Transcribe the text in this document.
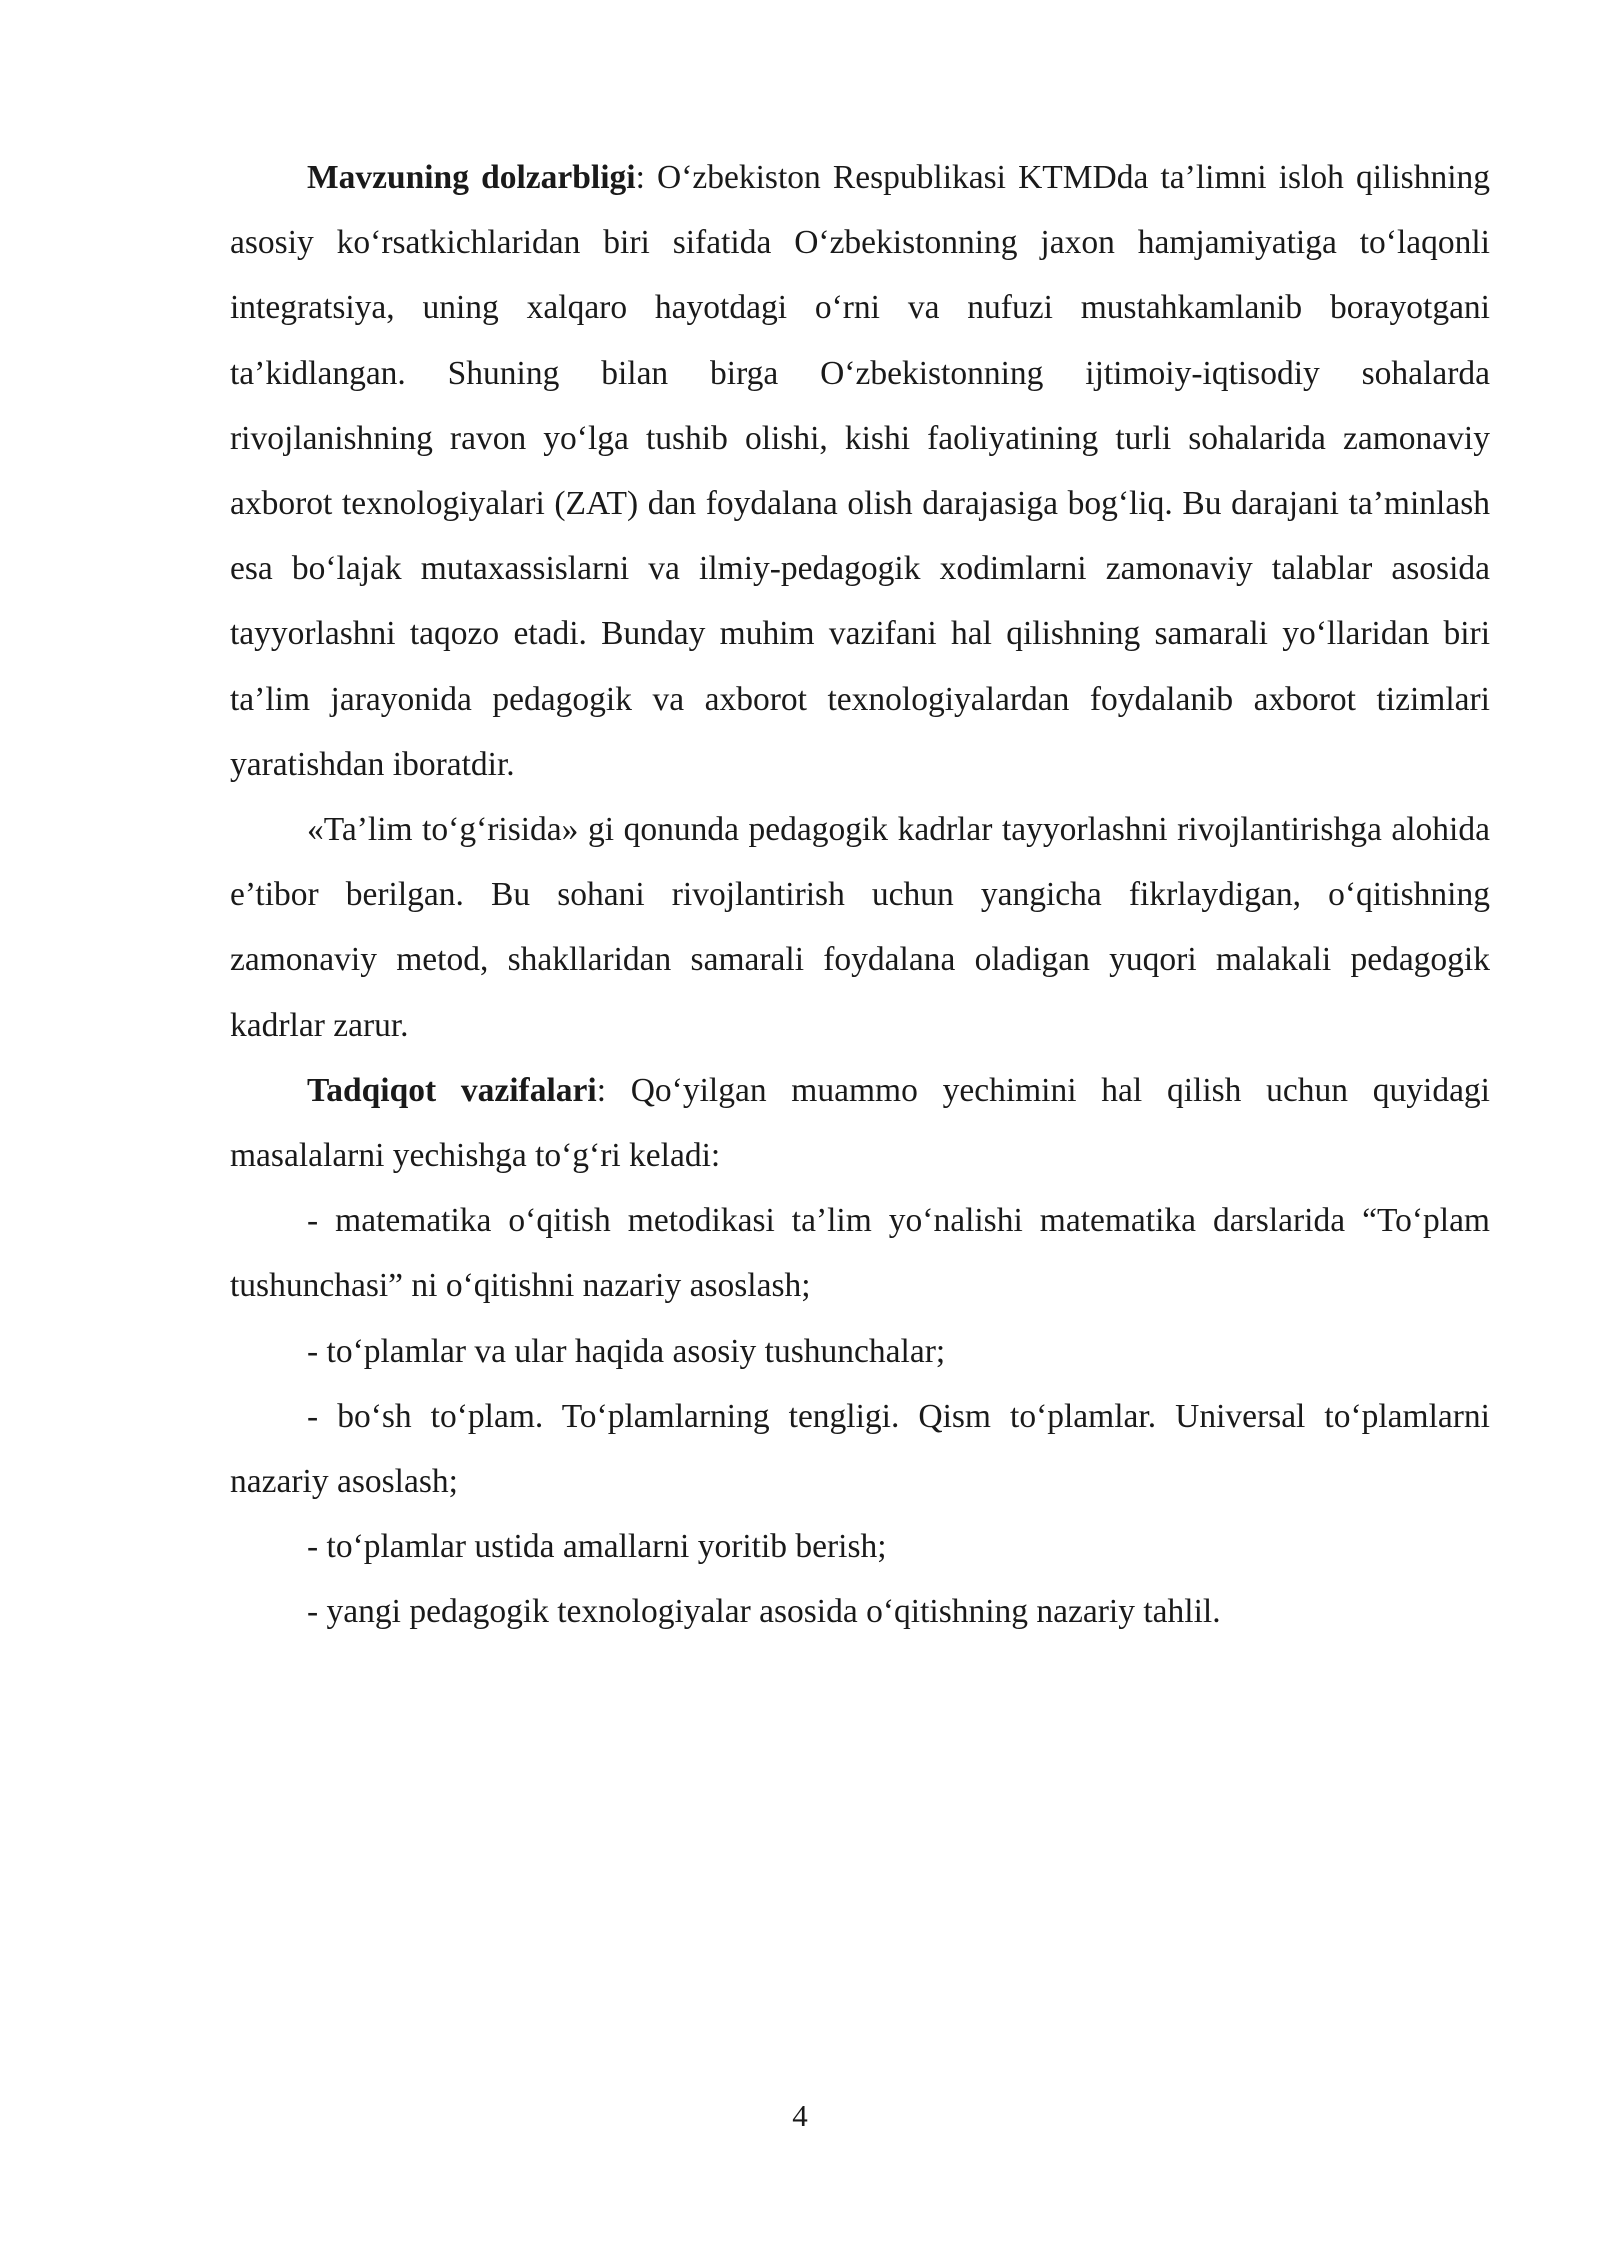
Mavzuning dolzarbligi: O‘zbekiston Respublikasi KTMDda ta’limni isloh qilishning asosiy ko‘rsatkichlaridan biri sifatida O‘zbekistonning jaxon hamjamiyatiga to‘laqonli integratsiya, uning xalqaro hayotdagi o‘rni va nufuzi mustahkamlanib borayotgani ta’kidlangan. Shuning bilan birga O‘zbekistonning ijtimoiy-iqtisodiy sohalarda rivojlanishning ravon yo‘lga tushib olishi, kishi faoliyatining turli sohalarida zamonaviy axborot texnologiyalari (ZAT) dan foydalana olish darajasiga bog‘liq. Bu darajani ta’minlash esa bo‘lajak mutaxassislarni va ilmiy-pedagogik xodimlarni zamonaviy talablar asosida tayyorlashni taqozo etadi. Bunday muhim vazifani hal qilishning samarali yo‘llaridan biri ta’lim jarayonida pedagogik va axborot texnologiyalardan foydalanib axborot tizimlari yaratishdan iboratdir.

«Ta’lim to‘g‘risida» gi qonunda pedagogik kadrlar tayyorlashni rivojlantirishga alohida e’tibor berilgan. Bu sohani rivojlantirish uchun yangicha fikrlaydigan, o‘qitishning zamonaviy metod, shakllaridan samarali foydalana oladigan yuqori malakali pedagogik kadrlar zarur.

Tadqiqot vazifalari: Qo‘yilgan muammo yechimini hal qilish uchun quyidagi masalalarni yechishga to‘g‘ri keladi:

- matematika o‘qitish metodikasi ta’lim yo‘nalishi matematika darslarida “To‘plam tushunchasi” ni o‘qitishni nazariy asoslash;

- to‘plamlar va ular haqida asosiy tushunchalar;

- bo‘sh to‘plam. To‘plamlarning tengligi. Qism to‘plamlar. Universal to‘plamlarni nazariy asoslash;

- to‘plamlar ustida amallarni yoritib berish;

- yangi pedagogik texnologiyalar asosida o‘qitishning nazariy tahlil.

4
